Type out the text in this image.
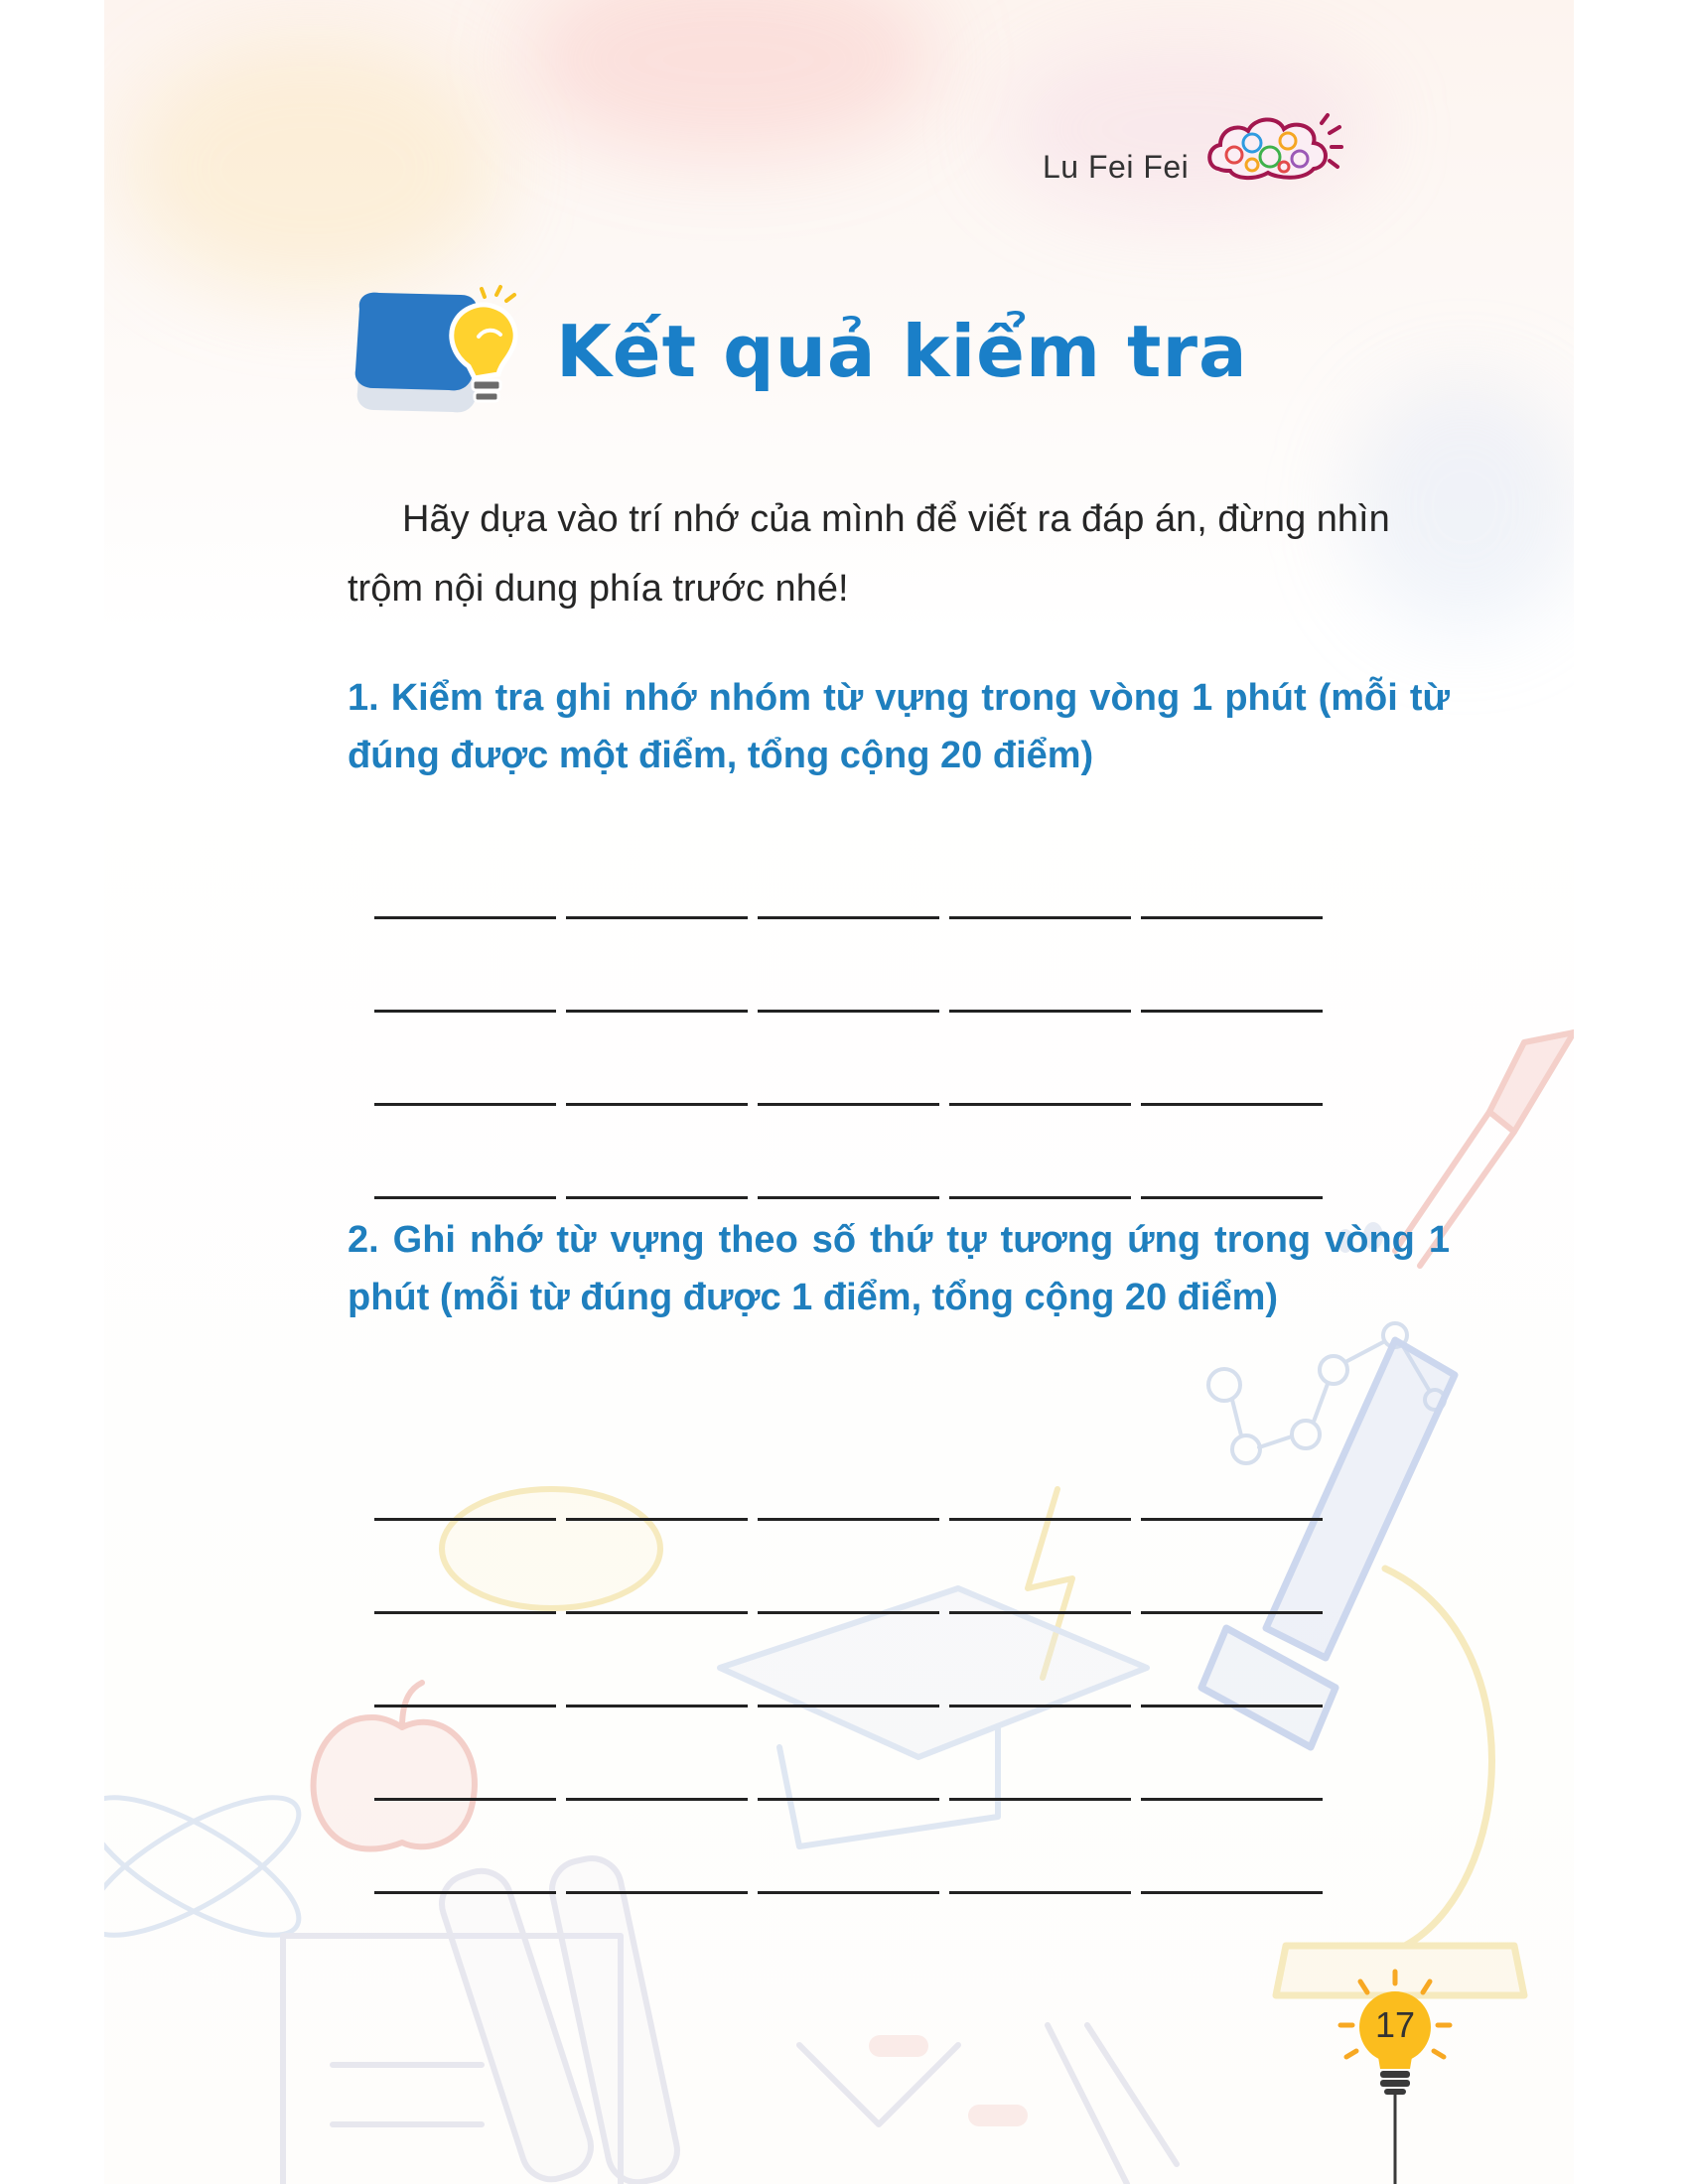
Lu Fei Fei
Kết quả kiểm tra

Hãy dựa vào trí nhớ của mình để viết ra đáp án, đừng nhìn trộm nội dung phía trước nhé!

1. Kiểm tra ghi nhớ nhóm từ vựng trong vòng 1 phút (mỗi từ đúng được một điểm, tổng cộng 20 điểm)

2. Ghi nhớ từ vựng theo số thứ tự tương ứng trong vòng 1 phút (mỗi từ đúng được 1 điểm, tổng cộng 20 điểm)

17
